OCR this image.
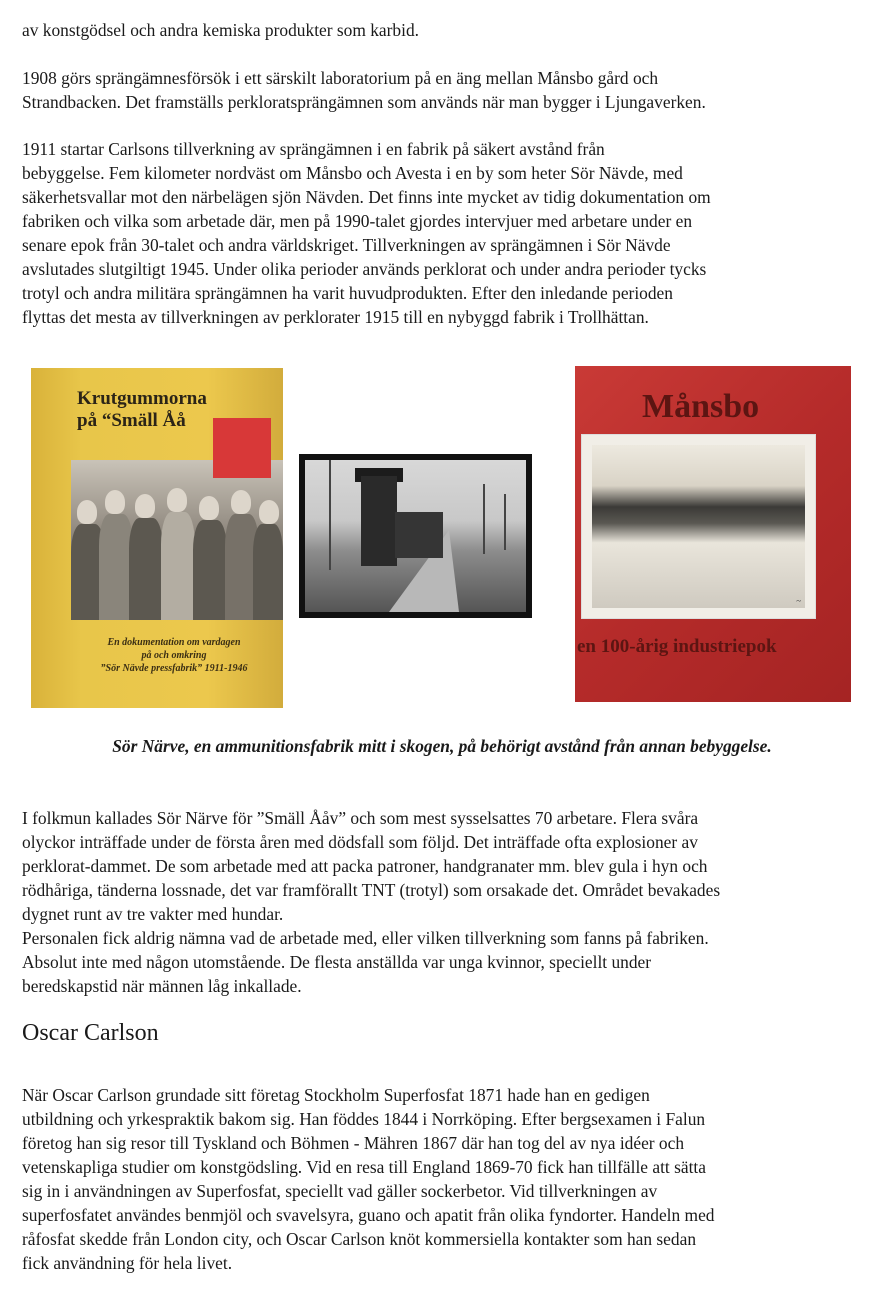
av konstgödsel och andra kemiska produkter som karbid.

1908 görs sprängämnesförsök i ett särskilt laboratorium på en äng mellan Månsbo gård och
Strandbacken. Det framställs perkloratsprängämnen som används när man bygger i Ljungaverken.

1911 startar Carlsons tillverkning av sprängämnen i en fabrik på säkert avstånd från
bebyggelse. Fem kilometer nordväst om Månsbo och Avesta i en by som heter Sör Nävde, med
säkerhetsvallar mot den närbelägen sjön Nävden. Det finns inte mycket av tidig dokumentation om
fabriken och vilka som arbetade där, men på 1990-talet gjordes intervjuer med arbetare under en
senare epok från 30-talet och andra världskriget. Tillverkningen av sprängämnen i Sör Nävde
avslutades slutgiltigt 1945. Under olika perioder används perklorat och under andra perioder tycks
trotyl och andra militära sprängämnen ha varit huvudprodukten. Efter den inledande perioden
flyttas det mesta av tillverkningen av perklorater 1915 till en nybyggd fabrik i Trollhättan.

Krutgummorna
på “Smäll Åå
En dokumentation om vardagen
på och omkring
”Sör Nävde pressfabrik” 1911-1946
Månsbo
~
en 100-årig industriepok
Sör Närve, en ammunitionsfabrik mitt i skogen, på behörigt avstånd från annan bebyggelse.

I folkmun kallades Sör Närve för ”Smäll Ååv” och som mest sysselsattes 70 arbetare. Flera svåra
olyckor inträffade under de första åren med dödsfall som följd. Det inträffade ofta explosioner av
perklorat-dammet. De som arbetade med att packa patroner, handgranater mm. blev gula i hyn och
rödhåriga, tänderna lossnade, det var framförallt TNT (trotyl) som orsakade det. Området bevakades
dygnet runt av tre vakter med hundar.
Personalen fick aldrig nämna vad de arbetade med, eller vilken tillverkning som fanns på fabriken.
Absolut inte med någon utomstående. De flesta anställda var unga kvinnor, speciellt under
beredskapstid när männen låg inkallade.

Oscar Carlson

När Oscar Carlson grundade sitt företag Stockholm Superfosfat 1871 hade han en gedigen
utbildning och yrkespraktik bakom sig. Han föddes 1844 i Norrköping. Efter bergsexamen i Falun
företog han sig resor till Tyskland och Böhmen - Mähren 1867 där han tog del av nya idéer och
vetenskapliga studier om konstgödsling. Vid en resa till England 1869-70 fick han tillfälle att sätta
sig in i användningen av Superfosfat, speciellt vad gäller sockerbetor. Vid tillverkningen av
superfosfatet användes benmjöl och svavelsyra, guano och apatit från olika fyndorter. Handeln med
råfosfat skedde från London city, och Oscar Carlson knöt kommersiella kontakter som han sedan
fick användning för hela livet.
